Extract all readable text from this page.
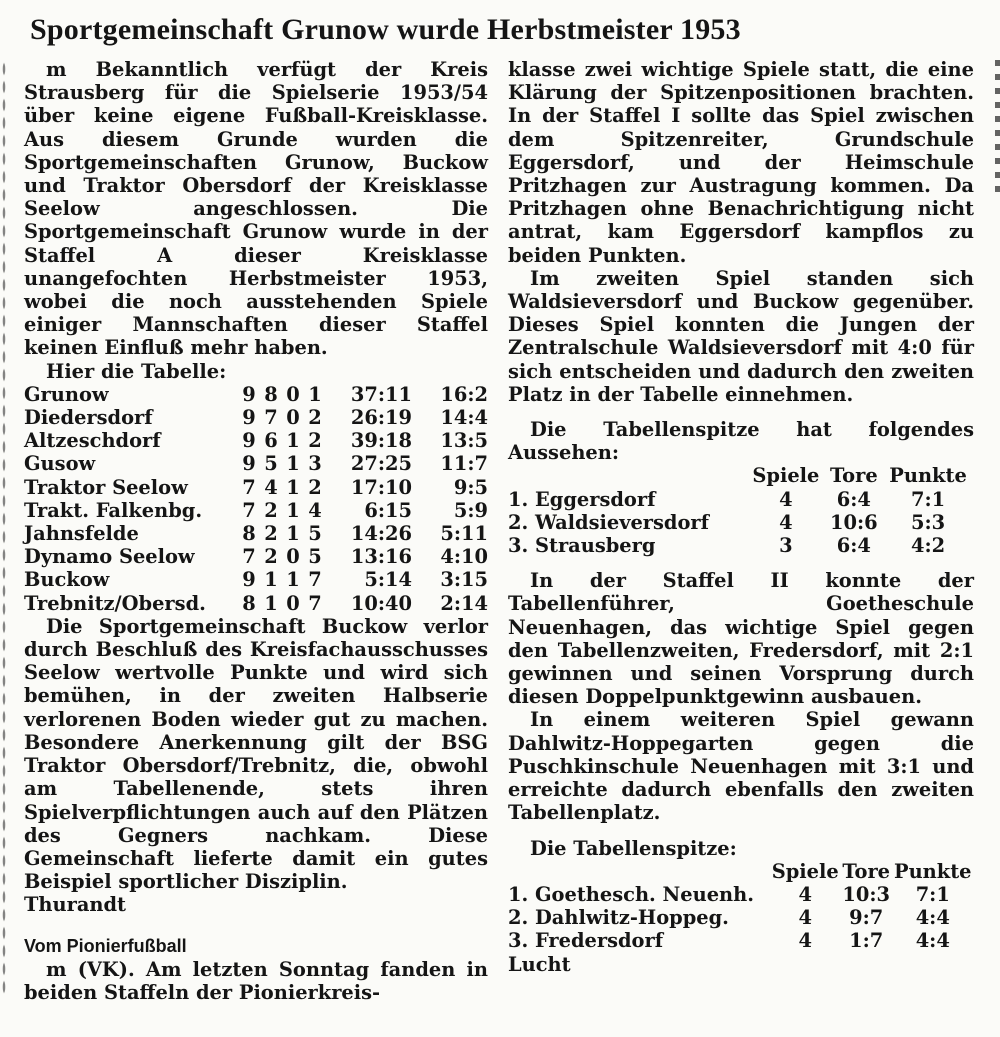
Sportgemeinschaft Grunow wurde Herbstmeister 1953

m Bekanntlich verfügt der Kreis Strausberg für die Spielserie 1953/54 über keine eigene Fußball-Kreisklasse. Aus diesem Grunde wurden die Sportgemeinschaften Grunow, Buckow und Traktor Obersdorf der Kreisklasse Seelow angeschlossen. Die Sportgemeinschaft Grunow wurde in der Staffel A dieser Kreisklasse unangefochten Herbstmeister 1953, wobei die noch ausstehenden Spiele einiger Mannschaften dieser Staffel keinen Einfluß mehr haben.

Hier die Tabelle:

Grunow	9	8	0	1	37:11	16:2
Diedersdorf	9	7	0	2	26:19	14:4
Altzeschdorf	9	6	1	2	39:18	13:5
Gusow	9	5	1	3	27:25	11:7
Traktor Seelow	7	4	1	2	17:10	9:5
Trakt. Falkenbg.	7	2	1	4	6:15	5:9
Jahnsfelde	8	2	1	5	14:26	5:11
Dynamo Seelow	7	2	0	5	13:16	4:10
Buckow	9	1	1	7	5:14	3:15
Trebnitz/Obersd.	8	1	0	7	10:40	2:14

Die Sportgemeinschaft Buckow verlor durch Beschluß des Kreisfachausschusses Seelow wertvolle Punkte und wird sich bemühen, in der zweiten Halbserie verlorenen Boden wieder gut zu machen. Besondere Anerkennung gilt der BSG Traktor Obersdorf/Trebnitz, die, obwohl am Tabellenende, stets ihren Spielverpflichtungen auch auf den Plätzen des Gegners nachkam. Diese Gemeinschaft lieferte damit ein gutes Beispiel sportlicher Disziplin.

Thurandt

Vom Pionierfußball

m (VK). Am letzten Sonntag fanden in beiden Staffeln der Pionierkreis-

klasse zwei wichtige Spiele statt, die eine Klärung der Spitzenpositionen brachten. In der Staffel I sollte das Spiel zwischen dem Spitzenreiter, Grundschule Eggersdorf, und der Heimschule Pritzhagen zur Austragung kommen. Da Pritzhagen ohne Benachrichtigung nicht antrat, kam Eggersdorf kampflos zu beiden Punkten.

Im zweiten Spiel standen sich Waldsieversdorf und Buckow gegenüber. Dieses Spiel konnten die Jungen der Zentralschule Waldsieversdorf mit 4:0 für sich entscheiden und dadurch den zweiten Platz in der Tabelle einnehmen.

Die Tabellenspitze hat folgendes Aussehen:

	Spiele	Tore	Punkte
1. Eggersdorf	4	6:4	7:1
2. Waldsieversdorf	4	10:6	5:3
3. Strausberg	3	6:4	4:2

In der Staffel II konnte der Tabellenführer, Goetheschule Neuenhagen, das wichtige Spiel gegen den Tabellenzweiten, Fredersdorf, mit 2:1 gewinnen und seinen Vorsprung durch diesen Doppelpunktgewinn ausbauen.

In einem weiteren Spiel gewann Dahlwitz-Hoppegarten gegen die Puschkinschule Neuenhagen mit 3:1 und erreichte dadurch ebenfalls den zweiten Tabellenplatz.

Die Tabellenspitze:

	Spiele	Tore	Punkte
1. Goethesch. Neuenh.	4	10:3	7:1
2. Dahlwitz-Hoppeg.	4	9:7	4:4
3. Fredersdorf	4	1:7	4:4

Lucht
